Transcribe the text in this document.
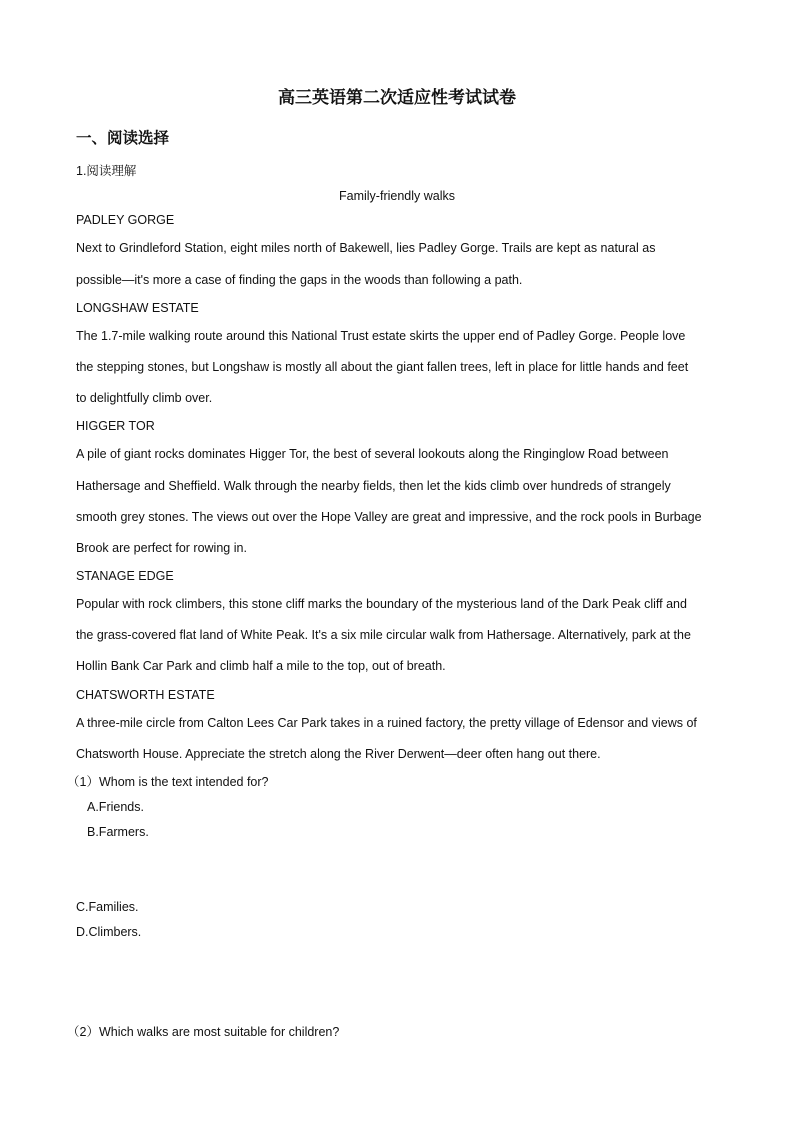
高三英语第二次适应性考试试卷
一、阅读选择
1.阅读理解
Family-friendly walks
PADLEY GORGE
Next to Grindleford Station, eight miles north of Bakewell, lies Padley Gorge. Trails are kept as natural as
possible—it's more a case of finding the gaps in the woods than following a path.
LONGSHAW ESTATE
The 1.7-mile walking route around this National Trust estate skirts the upper end of Padley Gorge. People love
the stepping stones, but Longshaw is mostly all about the giant fallen trees, left in place for little hands and feet
to delightfully climb over.
HIGGER TOR
A pile of giant rocks dominates Higger Tor, the best of several lookouts along the Ringinglow Road between
Hathersage and Sheffield. Walk through the nearby fields, then let the kids climb over hundreds of strangely
smooth grey stones. The views out over the Hope Valley are great and impressive, and the rock pools in Burbage
Brook are perfect for rowing in.
STANAGE EDGE
Popular with rock climbers, this stone cliff marks the boundary of the mysterious land of the Dark Peak cliff and
the grass-covered flat land of White Peak. It's a six mile circular walk from Hathersage. Alternatively, park at the
Hollin Bank Car Park and climb half a mile to the top, out of breath.
CHATSWORTH ESTATE
A three-mile circle from Calton Lees Car Park takes in a ruined factory, the pretty village of Edensor and views of
Chatsworth House. Appreciate the stretch along the River Derwent—deer often hang out there.
（1）Whom is the text intended for?
A.Friends.
B.Farmers.
C.Families.
D.Climbers.
（2）Which walks are most suitable for children?
